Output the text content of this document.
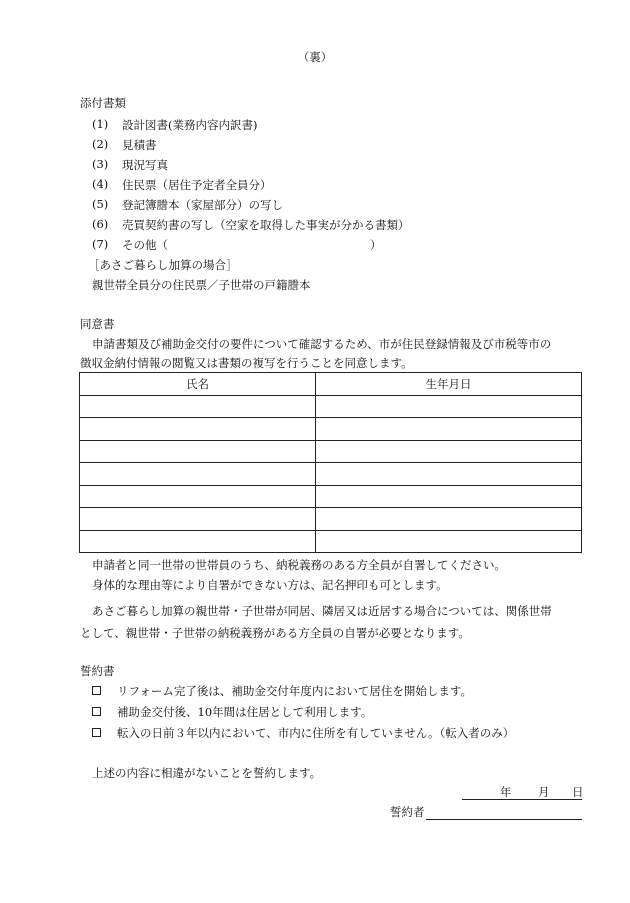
（裏）
添付書類
(1) 設計図書(業務内容内訳書)
(2) 見積書
(3) 現況写真
(4) 住民票（居住予定者全員分）
(5) 登記簿謄本（家屋部分）の写し
(6) 売買契約書の写し（空家を取得した事実が分かる書類）
(7) その他（	）
［あさご暮らし加算の場合］
親世帯全員分の住民票／子世帯の戸籍謄本
同意書
申請書類及び補助金交付の要件について確認するため、市が住民登録情報及び市税等市の
徴収金納付情報の閲覧又は書類の複写を行うことを同意します。
氏名	生年月日

申請者と同一世帯の世帯員のうち、納税義務のある方全員が自署してください。
身体的な理由等により自署ができない方は、記名押印も可とします。
あさご暮らし加算の親世帯・子世帯が同居、隣居又は近居する場合については、関係世帯
として、親世帯・子世帯の納税義務がある方全員の自署が必要となります。
誓約書
リフォーム完了後は、補助金交付年度内において居住を開始します。
補助金交付後、10年間は住居として利用します。
転入の日前３年以内において、市内に住所を有していません。（転入者のみ）
上述の内容に相違がないことを誓約します。
年 月 日
誓約者
